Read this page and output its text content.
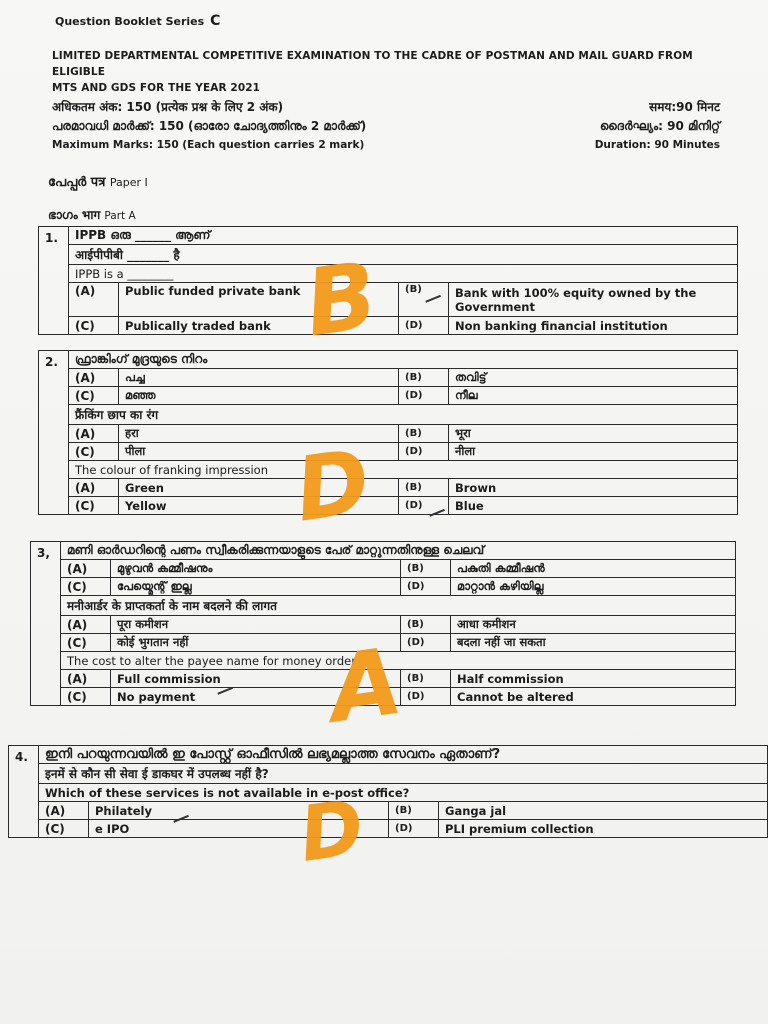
Question Booklet Series C
LIMITED DEPARTMENTAL COMPETITIVE EXAMINATION TO THE CADRE OF POSTMAN AND MAIL GUARD FROM ELIGIBLE
MTS AND GDS FOR THE YEAR 2021
अधिकतम अंक: 150 (प्रत्येक प्रश्न के लिए 2 अंक)
പരമാവധി മാർക്ക്: 150 (ഓരോ ചോദ്യത്തിനും 2 മാർക്ക്)
Maximum Marks: 150 (Each question carries 2 mark)
समय:90 मिनट
ദൈർഘ്യം: 90 മിനിറ്റ്
Duration: 90 Minutes
പേപ്പർ पत्र Paper I
ഭാഗം भाग Part A
1.	IPPB ഒരു ______ ആണ്			
	आईपीपीबी _______ है			
	IPPB is a ________			
	(A)	Public funded private bank	(B)	Bank with 100% equity owned by the Government
	(C)	Publically traded bank	(D)	Non banking financial institution
2.	ഫ്രാങ്കിംഗ് മുദ്രയുടെ നിറം			
	(A)	പച്ച	(B)	തവിട്ട്
	(C)	മഞ്ഞ	(D)	നീല
	फ्रैंकिंग छाप का रंग			
	(A)	हरा	(B)	भूरा
	(C)	पीला	(D)	नीला
	The colour of franking impression			
	(A)	Green	(B)	Brown
	(C)	Yellow	(D)	Blue
3,	മണി ഓർഡറിന്റെ പണം സ്വീകരിക്കുന്നയാളുടെ പേര് മാറ്റുന്നതിനുള്ള ചെലവ്			
	(A)	മുഴുവൻ കമ്മീഷനും	(B)	പകുതി കമ്മീഷൻ
	(C)	പേയ്മെന്റ് ഇല്ല	(D)	മാറ്റാൻ കഴിയില്ല
	मनीआर्डर के प्राप्तकर्ता के नाम बदलने की लागत			
	(A)	पूरा कमीशन	(B)	आधा कमीशन
	(C)	कोई भुगतान नहीं	(D)	बदला नहीं जा सकता
	The cost to alter the payee name for money order			
	(A)	Full commission	(B)	Half commission
	(C)	No payment	(D)	Cannot be altered
4.	ഇനി പറയുന്നവയിൽ ഇ പോസ്റ്റ് ഓഫീസിൽ ലഭ്യമല്ലാത്ത സേവനം ഏതാണ്?			
	इनमें से कौन सी सेवा ई डाकघर में उपलब्ध नहीं है?			
	Which of these services is not available in e-post office?			
	(A)	Philately	(B)	Ganga jal
	(C)	e IPO	(D)	PLI premium collection
B
D
A
D
